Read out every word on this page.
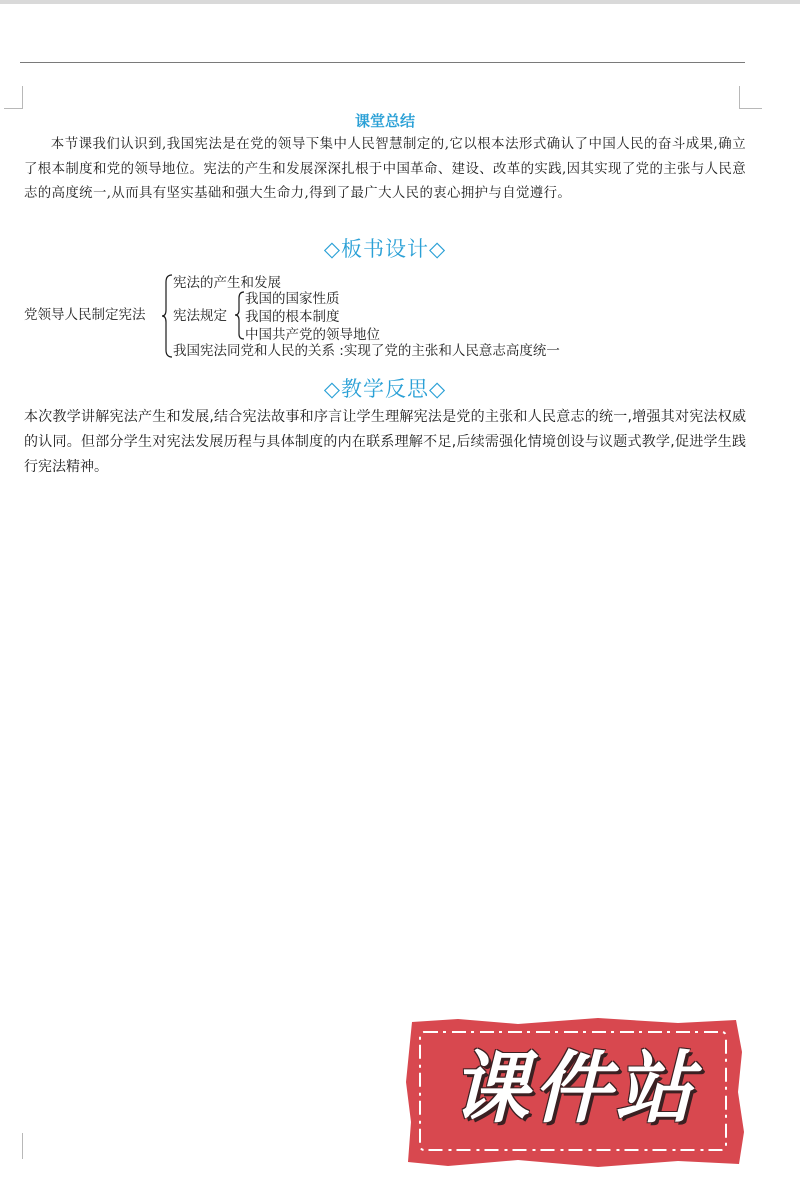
课堂总结

本节课我们认识到,我国宪法是在党的领导下集中人民智慧制定的,它以根本法形式确认了中国人民的奋斗成果,确立了根本制度和党的领导地位。宪法的产生和发展深深扎根于中国革命、建设、改革的实践,因其实现了党的主张与人民意志的高度统一,从而具有坚实基础和强大生命力,得到了最广大人民的衷心拥护与自觉遵行。

◇板书设计◇
党领导人民制定宪法
宪法的产生和发展
宪法规定
我国的国家性质
我国的根本制度
中国共产党的领导地位
我国宪法同党和人民的关系 :实现了党的主张和人民意志高度统一
◇教学反思◇

本次教学讲解宪法产生和发展,结合宪法故事和序言让学生理解宪法是党的主张和人民意志的统一,增强其对宪法权威的认同。但部分学生对宪法发展历程与具体制度的内在联系理解不足,后续需强化情境创设与议题式教学,促进学生践行宪法精神。

课件站
